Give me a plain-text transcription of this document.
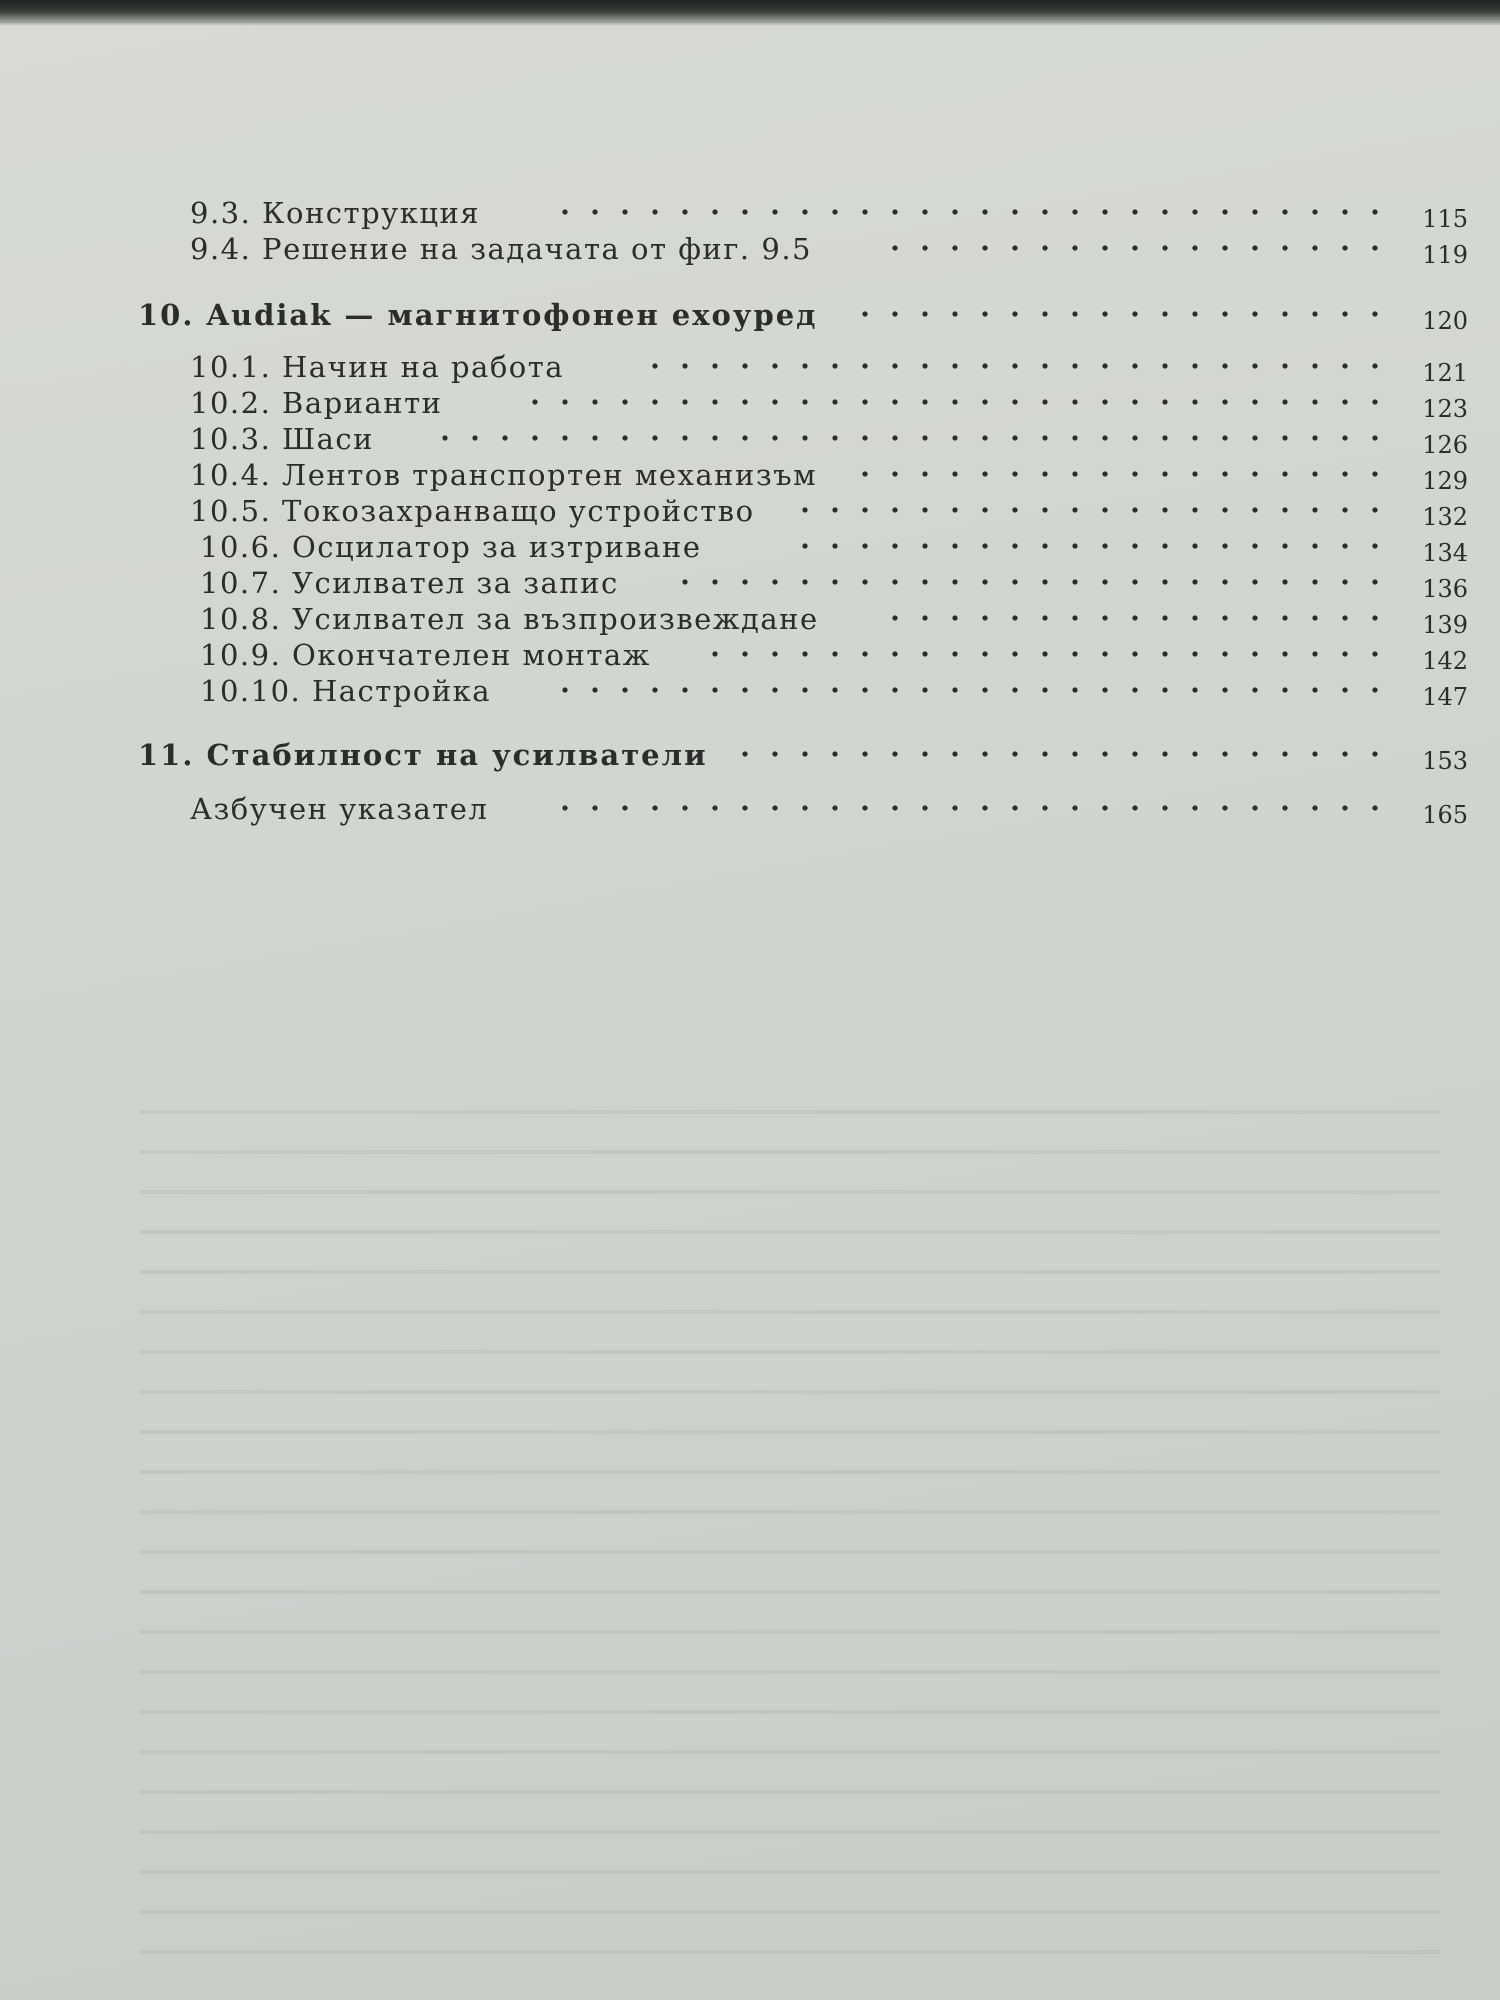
9.3. Конструкция	115
9.4. Решение на задачата от фиг. 9.5	119
10. Audiak — магнитофонен ехоуред	120
10.1. Начин на работа	121
10.2. Варианти	123
10.3. Шаси	126
10.4. Лентов транспортен механизъм	129
10.5. Токозахранващо устройство	132
10.6. Осцилатор за изтриване	134
10.7. Усилвател за запис	136
10.8. Усилвател за възпроизвеждане	139
10.9. Окончателен монтаж	142
10.10. Настройка	147
11. Стабилност на усилватели	153
Азбучен указател	165
